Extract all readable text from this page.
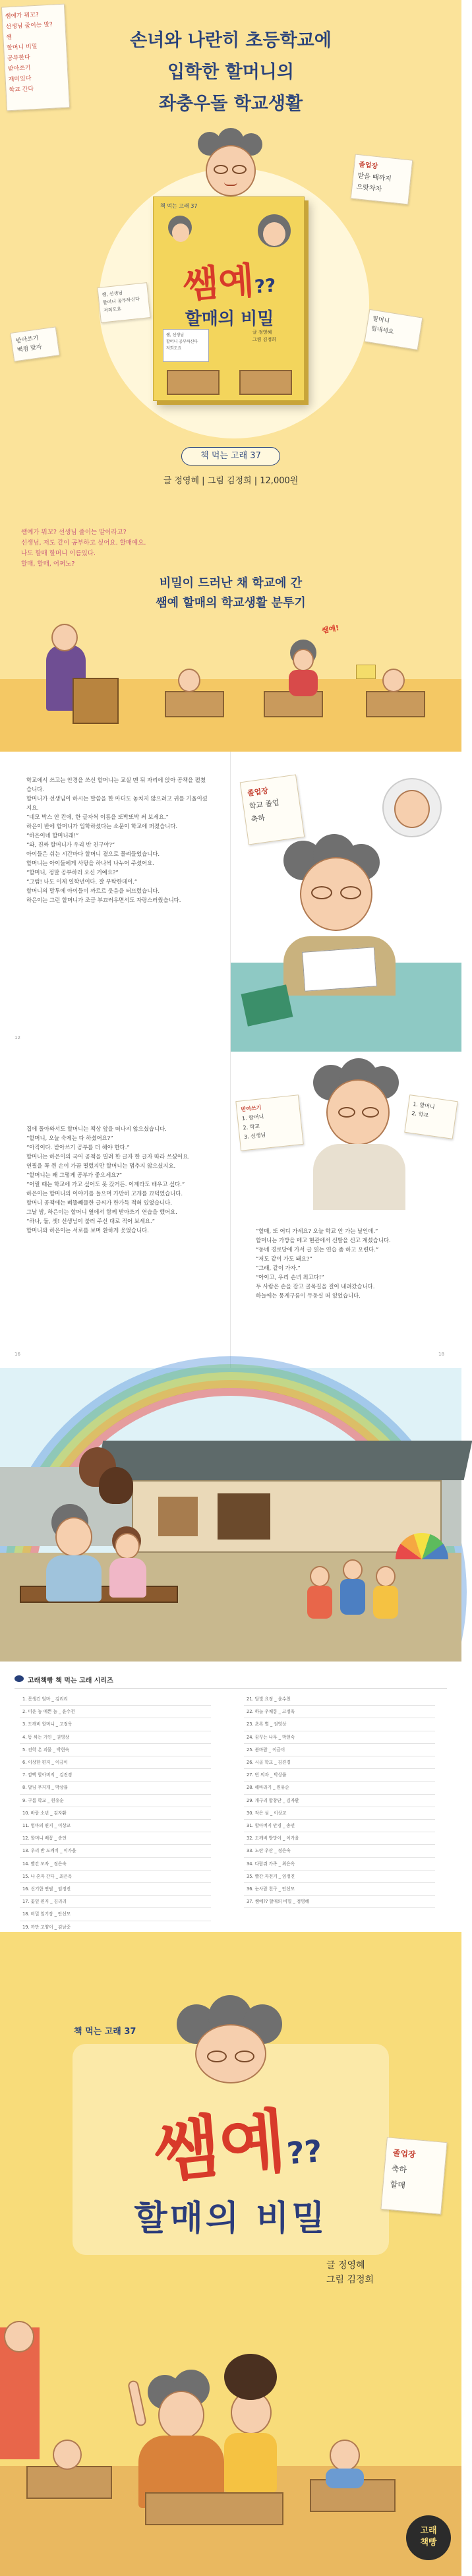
손녀와 나란히 초등학교에
입학한 할머니의
좌충우돌 학교생활
쌤예가 뭐꼬?
선생님 줄이는 말?
쌤
할머니 비밀
공부한다
받아쓰기
재미있다
학교 간다
받아쓰기
백점 맞자
책 먹는 고래 37
쌤예??
할매의 비밀
글 정영혜
그림 김정희
쌤, 선생님
할머니 공부하신다
저희도요
졸업장
받을 때까지
으랏차차
쌤, 선생님
할머니 공부하신다
저희도요
할머니
힘내세요
책 먹는 고래 37
글 정영혜 | 그림 김정희 | 12,000원
쌤예가 뭐꼬? 선생님 줄이는 말이라고?
선생님, 저도 같이 공부하고 싶어요. 할매예요.
나도 할매 할머니 이름있다.
할매, 할매, 어쩌노?
비밀이 드러난 채 학교에 간
쌤예 할매의 학교생활 분투기
쌤예!

학교에서 쓰고는 안경을 쓰신 할머니는 교실 맨 뒤 자리에 앉아 공책을 펼쳤습니다.

할머니가 선생님이 하시는 말씀을 한 마디도 놓치지 않으려고 귀를 기울이셨지요.

“네모 박스 안 칸에, 한 글자씩 이름을 또박또박 써 보세요.”

하은이 반에 할머니가 입학하셨다는 소문이 학교에 퍼졌습니다.

“하은이네 할머니래!”

“와, 진짜 할머니가 우리 반 친구야?”

아이들은 쉬는 시간마다 할머니 곁으로 몰려들었습니다.

할머니는 아이들에게 사탕을 하나씩 나누어 주셨어요.

“할머니, 정말 공부하러 오신 거예요?”

“그럼! 나도 이제 일학년이다. 잘 부탁한데이.”

할머니의 말투에 아이들이 까르르 웃음을 터뜨렸습니다.

하은이는 그런 할머니가 조금 부끄러우면서도 자랑스러웠습니다.

12
졸업장
학교 졸업
축하

집에 돌아와서도 할머니는 책상 앞을 떠나지 않으셨습니다.

“할머니, 오늘 숙제는 다 하셨어요?”

“아직이다. 받아쓰기 공부를 더 해야 한다.”

할머니는 하은이의 국어 공책을 빌려 한 글자 한 글자 따라 쓰셨어요.

연필을 꼭 쥔 손이 가끔 떨렸지만 할머니는 멈추지 않으셨지요.

“할머니는 왜 그렇게 공부가 좋으세요?”

“어릴 때는 학교에 가고 싶어도 못 갔거든. 이제라도 배우고 싶다.”

하은이는 할머니의 이야기를 들으며 가만히 고개를 끄덕였습니다.

할머니 공책에는 삐뚤빼뚤한 글씨가 한가득 적혀 있었습니다.

그날 밤, 하은이는 할머니 옆에서 함께 받아쓰기 연습을 했어요.

“하나, 둘, 셋! 선생님이 불러 주신 대로 적어 보세요.”

할머니와 하은이는 서로를 보며 환하게 웃었습니다.

16
받아쓰기
1. 할머니
2. 학교
3. 선생님
1. 할머니
2. 학교

“할매, 또 어디 가세요? 오늘 학교 안 가는 날인데.”

할머니는 가방을 메고 현관에서 신발을 신고 계셨습니다.

“동네 경로당에 가서 글 읽는 연습 좀 하고 오련다.”

“저도 같이 가도 돼요?”

“그래, 같이 가자.”

“아이고, 우리 손녀 최고다!”

두 사람은 손을 잡고 골목길을 걸어 내려갔습니다.

하늘에는 뭉게구름이 두둥실 떠 있었습니다.

18
고래책빵 책 먹는 고래 시리즈
1. 못생긴 엄마 _ 김리리
2. 미운 놈 예쁜 놈 _ 윤수천
3. 도깨비 할머니 _ 고정욱
4. 똥 싸는 거인 _ 권영상
5. 전학 온 괴물 _ 박현숙
6. 이상한 편지 _ 이금이
7. 깜빡 할아버지 _ 김진경
8. 달님 무지개 _ 박상률
9. 구름 학교 _ 원유순
10. 바람 소년 _ 김자환
11. 엄마의 편지 _ 이상교
12. 할머니 배꼽 _ 송언
13. 우리 반 도깨비 _ 이가을
14. 빨간 모자 _ 정은숙
15. 나 혼자 간다 _ 최은옥
16. 신기한 연필 _ 임정진
17. 꽃잎 편지 _ 김리리
18. 비밀 일기장 _ 안선모
19. 까만 고양이 _ 김남중
21. 달빛 요정 _ 윤수천
22. 하늘 우체통 _ 고정욱
23. 초록 별 _ 권영상
24. 꿈꾸는 나무 _ 박현숙
25. 봄바람 _ 이금이
26. 시골 학교 _ 김진경
27. 빈 의자 _ 박상률
28. 해바라기 _ 원유순
29. 개구리 합창단 _ 김자환
30. 작은 섬 _ 이상교
31. 할아버지 안경 _ 송언
32. 도깨비 방망이 _ 이가을
33. 노란 우산 _ 정은숙
34. 다람쥐 가족 _ 최은옥
35. 빨간 자전거 _ 임정진
36. 눈사람 친구 _ 안선모
37. 쌤예?? 할매의 비밀 _ 정영혜
책 먹는 고래 37
쌤예??
할매의 비밀
졸업장
축하
할매
글 정영혜
그림 김정희
고래
책빵
